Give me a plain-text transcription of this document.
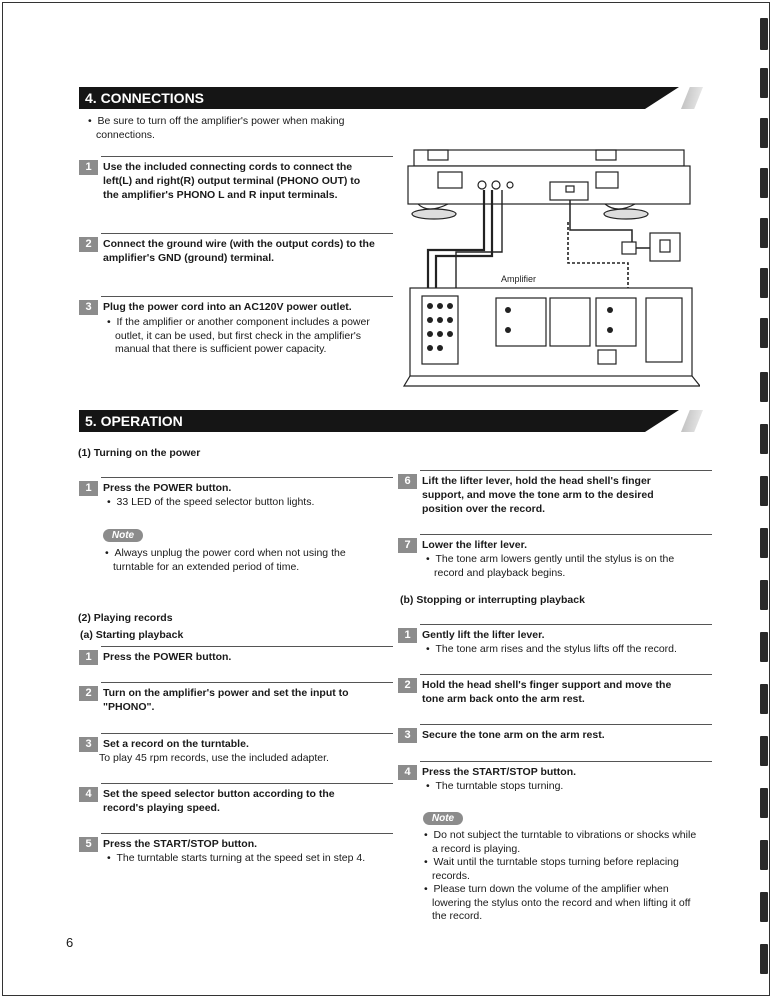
4. CONNECTIONS
•  Be sure to turn off the amplifier's power when making connections.
1	Use the included connecting cords to connect the left(L) and right(R) output terminal (PHONO OUT) to the amplifier's PHONO L and R input terminals.
2	Connect the ground wire (with the output cords) to the amplifier's GND (ground) terminal.
3	Plug the power cord into an AC120V power outlet.
•  If the amplifier or another component includes a power outlet, it can be used, but first check in the amplifier's manual that there is sufficient power capacity.
Amplifier
5. OPERATION
(1) Turning on the power
1	Press the POWER button.
•  33 LED of the speed selector button lights.
Note
•  Always unplug the power cord when not using the turntable for an extended period of time.
(2) Playing records
(a) Starting playback
1	Press the POWER button.
2	Turn on the amplifier's power and set the input to "PHONO".
3	Set a record on the turntable.
To play 45 rpm records, use the included adapter.
4	Set the speed selector button according to the record's playing speed.
5	Press the START/STOP button.
•  The turntable starts turning at the speed set in step 4.
6	Lift the lifter lever, hold the head shell's finger support, and move the tone arm to the desired position over the record.
7	Lower the lifter lever.
•  The tone arm lowers gently until the stylus is on the record and playback begins.
(b) Stopping or interrupting playback
1	Gently lift the lifter lever.
•  The tone arm rises and the stylus lifts off the record.
2	Hold the head shell's finger support and move the tone arm back onto the arm rest.
3	Secure the tone arm on the arm rest.
4	Press the START/STOP button.
•  The turntable stops turning.
Note
•  Do not subject the turntable to vibrations or shocks while a record is playing.
•  Wait until the turntable stops turning before replacing records.
•  Please turn down the volume of the amplifier when lowering the stylus onto the record and when lifting it off the record.
6
